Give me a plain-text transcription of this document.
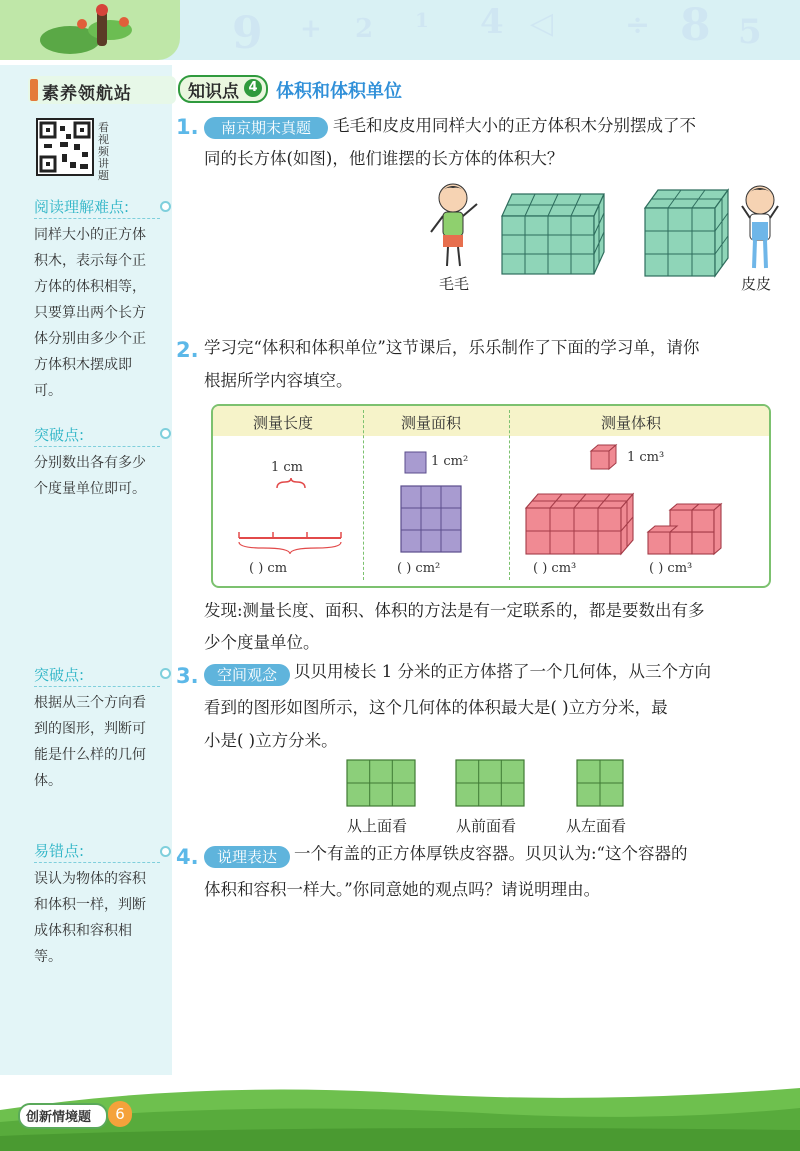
9 + 2 1 4 ◁ ÷ 8 5
素养领航站
看视频讲题
阅读理解难点:
同样大小的正方体积木，表示每个正方体的体积相等，只要算出两个长方体分别由多少个正方体积木摆成即可。
突破点:
分别数出各有多少个度量单位即可。
突破点:
根据从三个方向看到的图形，判断可能是什么样的几何体。
易错点:
误认为物体的容积和体积一样，判断成体积和容积相等。
知识点 4 体积和体积单位
1.	南京期末真题	毛毛和皮皮用同样大小的正方体积木分别摆成了不
同的长方体(如图)，他们谁摆的长方体的体积大？
毛毛	皮皮
2. 学习完“体积和体积单位”这节课后，乐乐制作了下面的学习单，请你
根据所学内容填空。
测量长度	测量面积	测量体积
1 cm
( ) cm
1 cm²
( ) cm²
1 cm³
( ) cm³	( ) cm³
发现:测量长度、面积、体积的方法是有一定联系的，都是要数出有多
少个度量单位。
3.	空间观念	贝贝用棱长 1 分米的正方体搭了一个几何体，从三个方向
看到的图形如图所示，这个几何体的体积最大是( )立方分米，最
小是( )立方分米。
从上面看	从前面看	从左面看
4.	说理表达	一个有盖的正方体厚铁皮容器。贝贝认为:“这个容器的
体积和容积一样大。”你同意她的观点吗？请说明理由。
创新情境题	6
